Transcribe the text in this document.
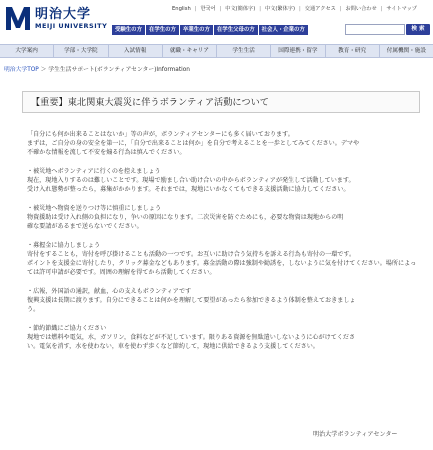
明治大学
MEIJI UNIVERSITY
English | 한국어 | 中文(簡体字) | 中文(繁体字) | 交通アクセス | お問い合わせ | サイトマップ
受験生の方	在学生の方	卒業生の方	在学生父母の方	社会人・企業の方	検 索
大学案内	学部・大学院	入試情報	就職・キャリア	学生生活	国際連携・留学	教育・研究	付属機関・施設
明治大学TOP ＞ 学生生活サポート(ボランティアセンター)Information
【重要】東北関東大震災に伴うボランティア活動について

「自分にも何か出来ることはないか」等の声が，ボランティアセンターにも多く届いております。

まずは，ご自分の身の安全を第一に，「自分で出来ることは何か」を自分で考えることを一歩としてみてください。デマや

不確かな情報を流して不安を煽る行為は慎んでください。

・被災地へボランティアに行くのを控えましょう

現在，現地入りするのは難しいことです。現場で励まし合い助け合いの中からボランティアが発生して活動しています。

受け入れ態勢が整ったら，募集がかかります。それまでは，現地にいかなくてもできる支援活動に協力してください。

・被災地へ物資を送りつけ等に慎重にしましょう

物資援助は受け入れ側の負担になり，争いの原因になります。二次災害を防ぐためにも，必要な物資は現地からの明

確な要請があるまで送らないでください。

・募握金に協力しましょう

寄付をすることも，寄付を呼び掛けることも活動の一つです。お互いに助け合う気持ちを訴える行為も寄付の一環です。

ポイントを支援金に寄付したり，クリック募金などもあります。募金活動の際は強制や勧誘を，しないように気を付けてください。場所によっては許可申請が必要です。周囲の理解を得てから活動してください。

・広報，外国語の通訳，献血，心の支えもボランティアです

復興支援は長期に渡ります。自分にできることは何かを理解して要望があったら参加できるよう体制を整えておきましょ

う。

・節約節織にご協力ください

現地では燃料や電気，水，ガソリン，食料などが不足しています。限りある資源を無駄遣いしないように心がけてくださ

い。電気を消す，水を使わない，車を使わず歩くなど節約して，現地に供給できるよう支援してください。

明治大学ボランティアセンター
